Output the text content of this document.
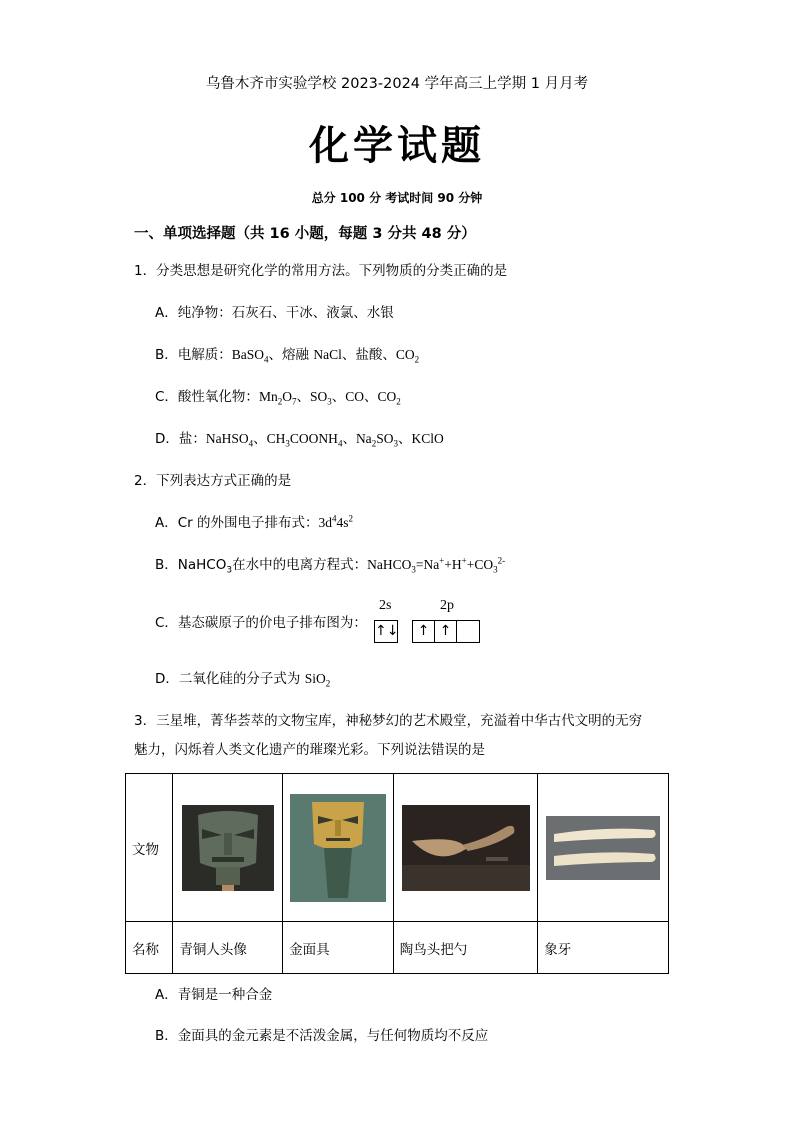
乌鲁木齐市实验学校 2023-2024 学年高三上学期 1 月月考
化学试题
总分 100 分 考试时间 90 分钟
一、单项选择题（共 16 小题，每题 3 分共 48 分）
1．分类思想是研究化学的常用方法。下列物质的分类正确的是
A．纯净物：石灰石、干冰、液氯、水银
B．电解质：BaSO$_4$、熔融 NaCl、盐酸、$CO_2$
C．酸性氧化物：$Mn_2O_7$、$SO_3$、CO、$CO_2$
D．盐：NaHSO$_4$、$CH_3COONH_4$、$Na_2SO_3$、KClO
2．下列表达方式正确的是
A．Cr 的外围电子排布式：$3d^44s^2$
B．NaHCO$_3$在水中的电离方程式：$NaHCO_3=Na^++H^++CO_3^{2-}$
C．基态碳原子的价电子排布图为：
2s	2p
↑↓	↑ ↑
D．二氧化硅的分子式为 SiO$_2$
3．三星堆，菁华荟萃的文物宝库，神秘梦幻的艺术殿堂，充溢着中华古代文明的无穷
魅力，闪烁着人类文化遗产的璀璨光彩。下列说法错误的是
文物	

名称	青铜人头像	金面具	陶鸟头把勺	象牙
A．青铜是一种合金
B．金面具的金元素是不活泼金属，与任何物质均不反应
